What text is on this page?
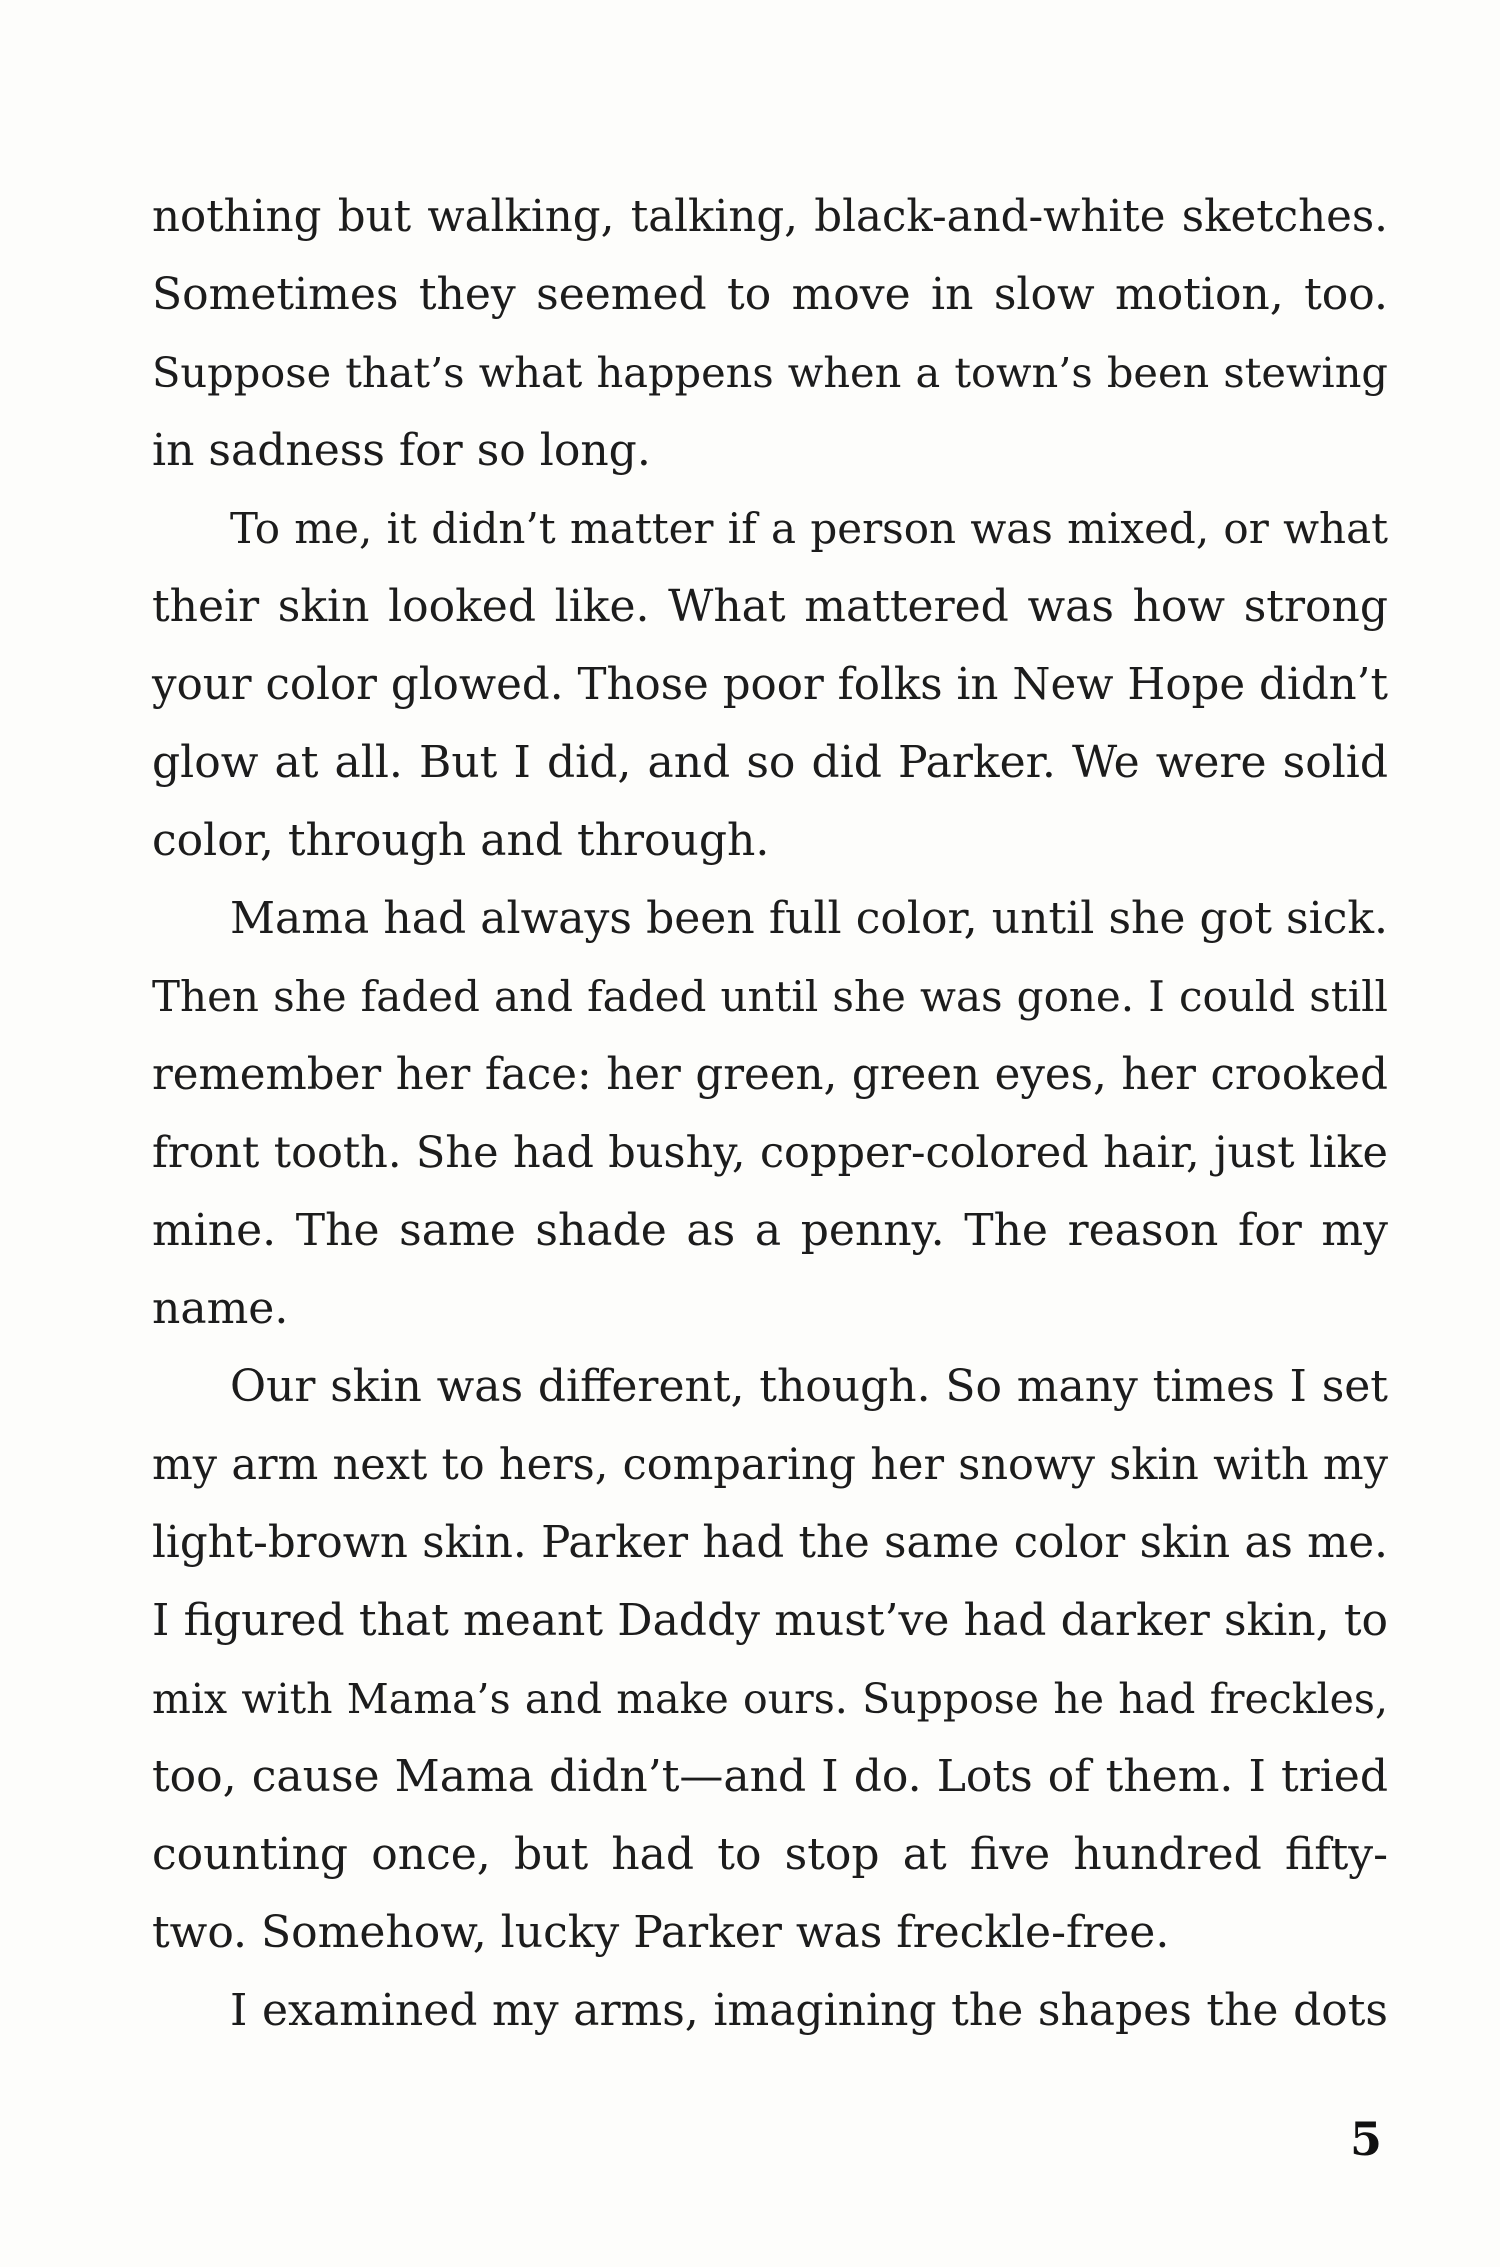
nothing but walking, talking, black-and-white sketches.
Sometimes they seemed to move in slow motion, too.
Suppose that’s what happens when a town’s been stewing
in sadness for so long.
To me, it didn’t matter if a person was mixed, or what
their skin looked like. What mattered was how strong
your color glowed. Those poor folks in New Hope didn’t
glow at all. But I did, and so did Parker. We were solid
color, through and through.
Mama had always been full color, until she got sick.
Then she faded and faded until she was gone. I could still
remember her face: her green, green eyes, her crooked
front tooth. She had bushy, copper-colored hair, just like
mine. The same shade as a penny. The reason for my
name.
Our skin was different, though. So many times I set
my arm next to hers, comparing her snowy skin with my
light-brown skin. Parker had the same color skin as me.
I figured that meant Daddy must’ve had darker skin, to
mix with Mama’s and make ours. Suppose he had freckles,
too, cause Mama didn’t—and I do. Lots of them. I tried
counting once, but had to stop at five hundred fifty-
two. Somehow, lucky Parker was freckle-free.
I examined my arms, imagining the shapes the dots
5
